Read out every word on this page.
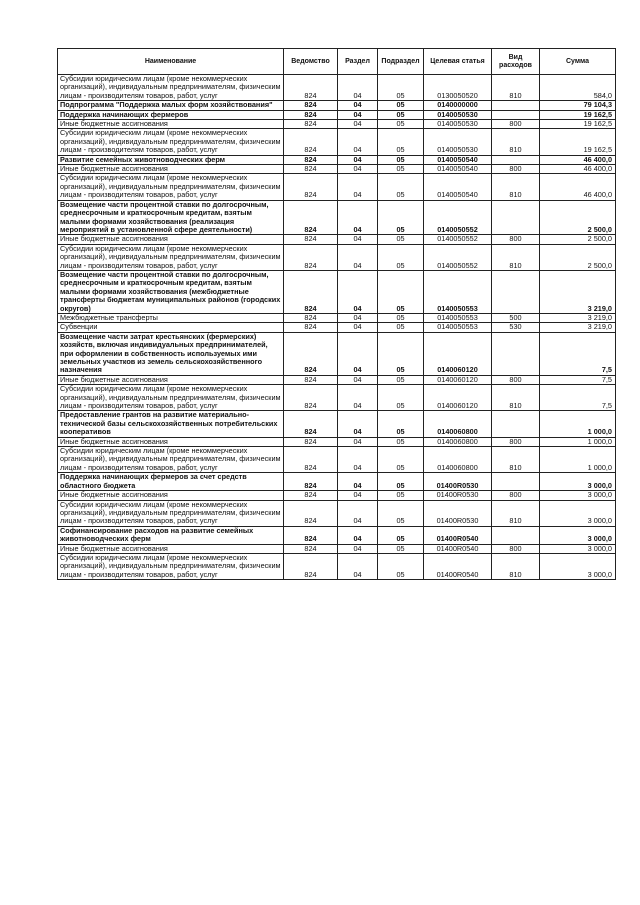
Наименование	Ведомство	Раздел	Подраздел	Целевая статья	Вид расходов	Сумма
Субсидии юридическим лицам (кроме некоммерческих организаций), индивидуальным предпринимателям, физическим лицам - производителям товаров, работ, услуг	824	04	05	0130050520	810	584,0
Подпрограмма "Поддержка малых форм хозяйствования"	824	04	05	0140000000		79 104,3
Поддержка начинающих фермеров	824	04	05	0140050530		19 162,5
Иные бюджетные ассигнования	824	04	05	0140050530	800	19 162,5
Субсидии юридическим лицам (кроме некоммерческих организаций), индивидуальным предпринимателям, физическим лицам - производителям товаров, работ, услуг	824	04	05	0140050530	810	19 162,5
Развитие семейных животноводческих ферм	824	04	05	0140050540		46 400,0
Иные бюджетные ассигнования	824	04	05	0140050540	800	46 400,0
Субсидии юридическим лицам (кроме некоммерческих организаций), индивидуальным предпринимателям, физическим лицам - производителям товаров, работ, услуг	824	04	05	0140050540	810	46 400,0
Возмещение части процентной ставки по долгосрочным, среднесрочным и краткосрочным кредитам, взятым малыми формами хозяйствования (реализация мероприятий в установленной сфере деятельности)	824	04	05	0140050552		2 500,0
Иные бюджетные ассигнования	824	04	05	0140050552	800	2 500,0
Субсидии юридическим лицам (кроме некоммерческих организаций), индивидуальным предпринимателям, физическим лицам - производителям товаров, работ, услуг	824	04	05	0140050552	810	2 500,0
Возмещение части процентной ставки по долгосрочным, среднесрочным и краткосрочным кредитам, взятым малыми формами хозяйствования (межбюджетные трансферты бюджетам муниципальных районов (городских округов)	824	04	05	0140050553		3 219,0
Межбюджетные трансферты	824	04	05	0140050553	500	3 219,0
Субвенции	824	04	05	0140050553	530	3 219,0
Возмещение части затрат крестьянских (фермерских) хозяйств, включая индивидуальных предпринимателей, при оформлении в собственность используемых ими земельных участков из земель сельскохозяйственного назначения	824	04	05	0140060120		7,5
Иные бюджетные ассигнования	824	04	05	0140060120	800	7,5
Субсидии юридическим лицам (кроме некоммерческих организаций), индивидуальным предпринимателям, физическим лицам - производителям товаров, работ, услуг	824	04	05	0140060120	810	7,5
Предоставление грантов на развитие материально-технической базы сельскохозяйственных потребительских кооперативов	824	04	05	0140060800		1 000,0
Иные бюджетные ассигнования	824	04	05	0140060800	800	1 000,0
Субсидии юридическим лицам (кроме некоммерческих организаций), индивидуальным предпринимателям, физическим лицам - производителям товаров, работ, услуг	824	04	05	0140060800	810	1 000,0
Поддержка начинающих фермеров за счет средств областного бюджета	824	04	05	01400R0530		3 000,0
Иные бюджетные ассигнования	824	04	05	01400R0530	800	3 000,0
Субсидии юридическим лицам (кроме некоммерческих организаций), индивидуальным предпринимателям, физическим лицам - производителям товаров, работ, услуг	824	04	05	01400R0530	810	3 000,0
Софинансирование расходов на развитие семейных животноводческих ферм	824	04	05	01400R0540		3 000,0
Иные бюджетные ассигнования	824	04	05	01400R0540	800	3 000,0
Субсидии юридическим лицам (кроме некоммерческих организаций), индивидуальным предпринимателям, физическим лицам - производителям товаров, работ, услуг	824	04	05	01400R0540	810	3 000,0
